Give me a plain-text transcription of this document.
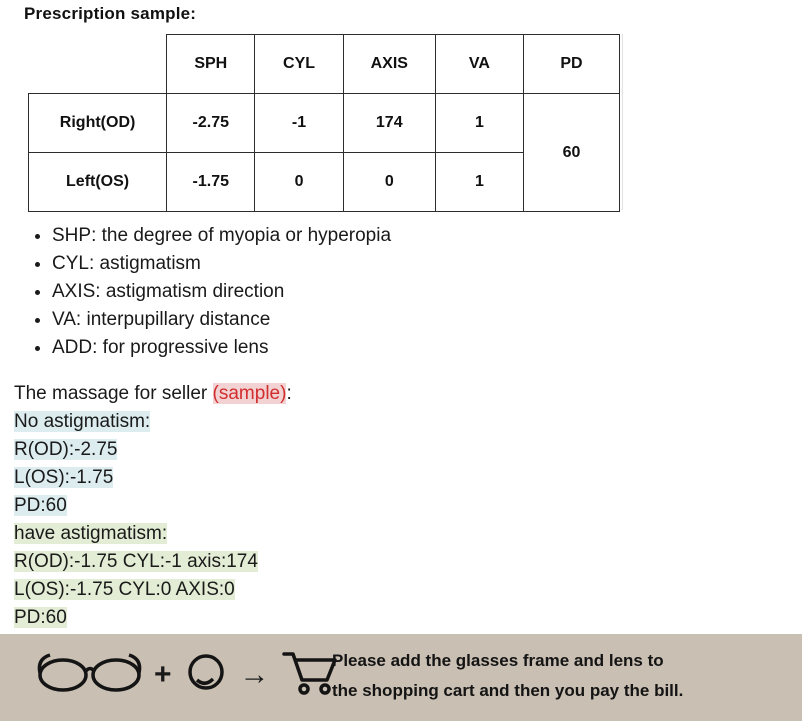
Prescription sample:
	SPH	CYL	AXIS	VA	PD
Right(OD)	-2.75	-1	174	1	60
Left(OS)	-1.75	0	0	1	
• SHP: the degree of myopia or hyperopia
• CYL: astigmatism
• AXIS: astigmatism direction
• VA: interpupillary distance
• ADD: for progressive lens
The massage for seller (sample):
No astigmatism:
R(OD):-2.75
L(OS):-1.75
PD:60
have astigmatism:
R(OD):-1.75 CYL:-1 axis:174
L(OS):-1.75 CYL:0 AXIS:0
PD:60
+ →	Please add the glasses frame and lens to
the shopping cart and then you pay the bill.
